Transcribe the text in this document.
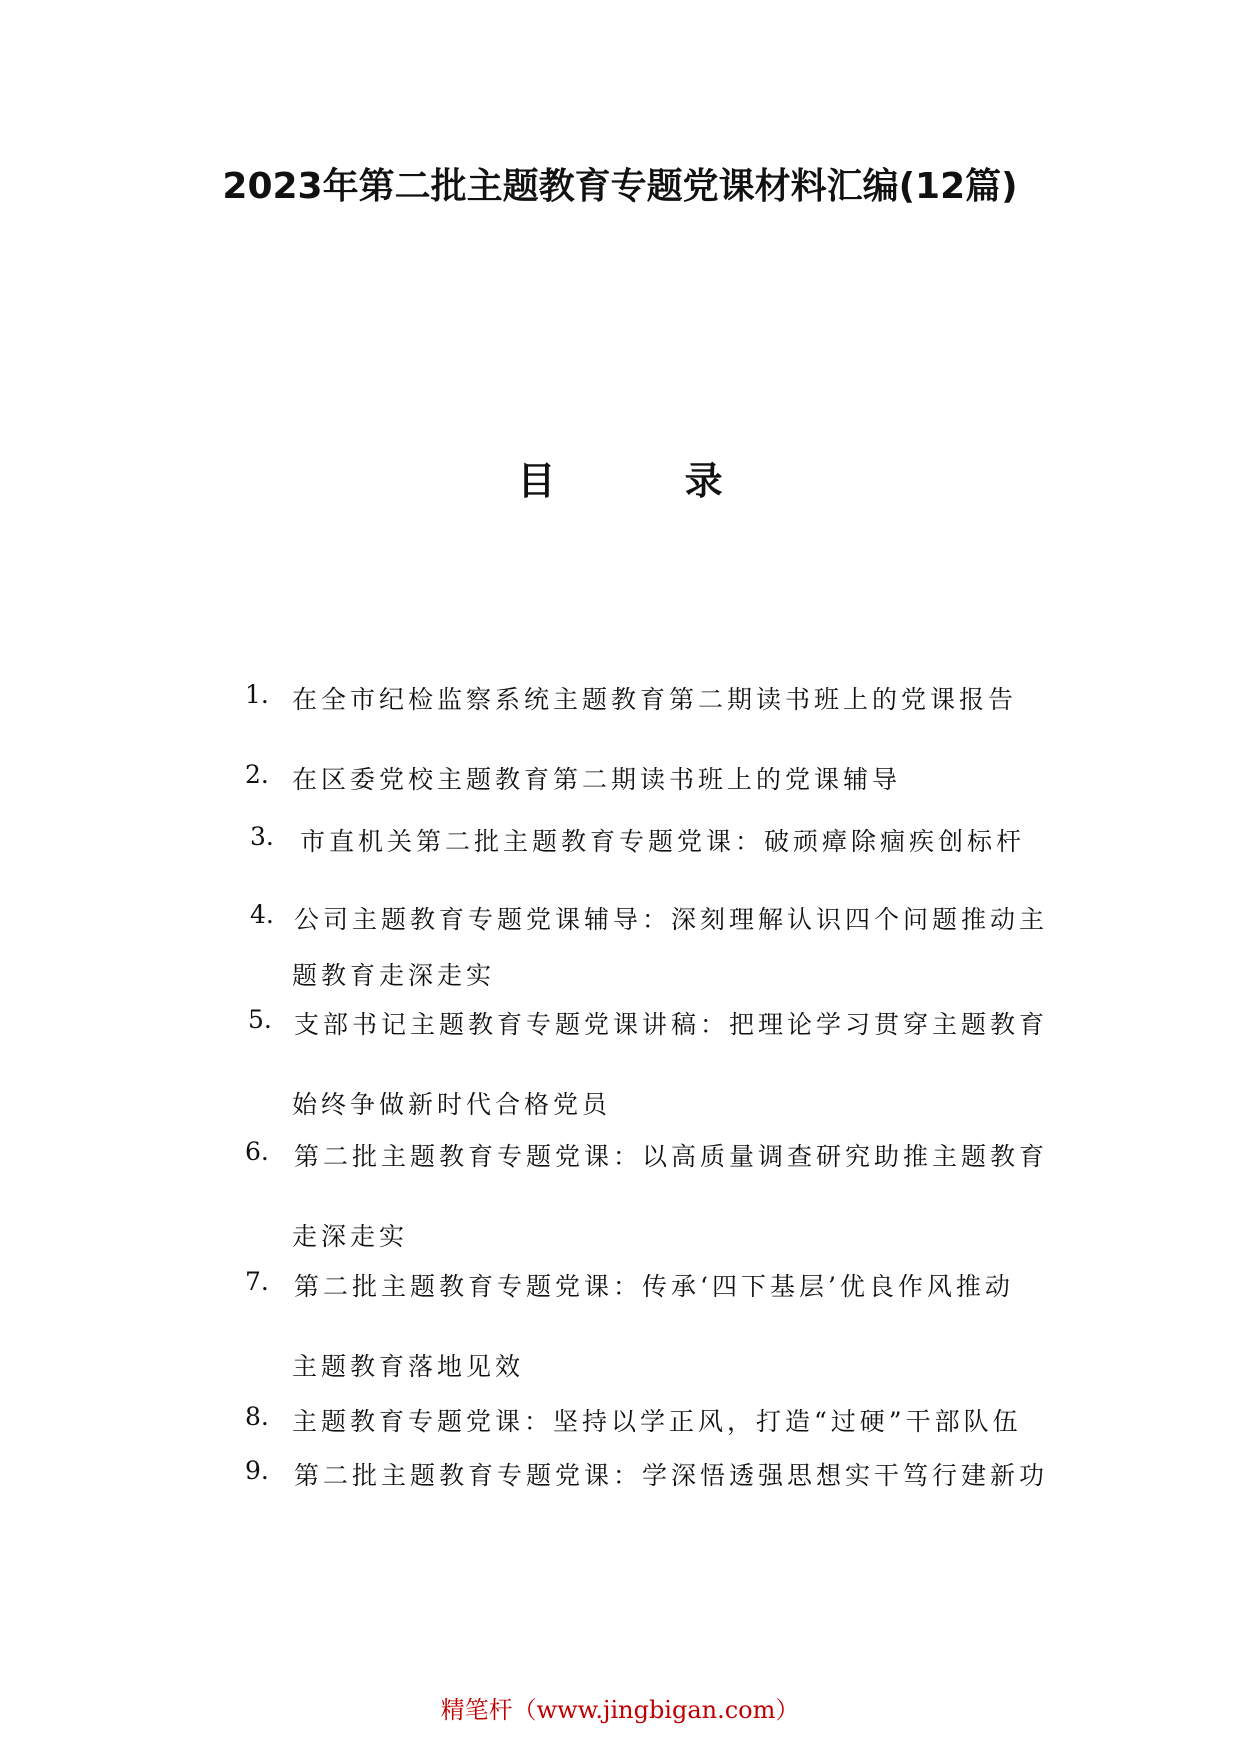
2023年第二批主题教育专题党课材料汇编(12篇)
目 录
1. 在全市纪检监察系统主题教育第二期读书班上的党课报告
2. 在区委党校主题教育第二期读书班上的党课辅导
3. 市直机关第二批主题教育专题党课：破顽瘴除痼疾创标杆
4. 公司主题教育专题党课辅导：深刻理解认识四个问题推动主
题教育走深走实
5. 支部书记主题教育专题党课讲稿：把理论学习贯穿主题教育
始终争做新时代合格党员
6. 第二批主题教育专题党课：以高质量调查研究助推主题教育
走深走实
7. 第二批主题教育专题党课：传承‘四下基层’优良作风推动
主题教育落地见效
8. 主题教育专题党课：坚持以学正风，打造“过硬”干部队伍
9. 第二批主题教育专题党课：学深悟透强思想实干笃行建新功
精笔杆（www.jingbigan.com）
